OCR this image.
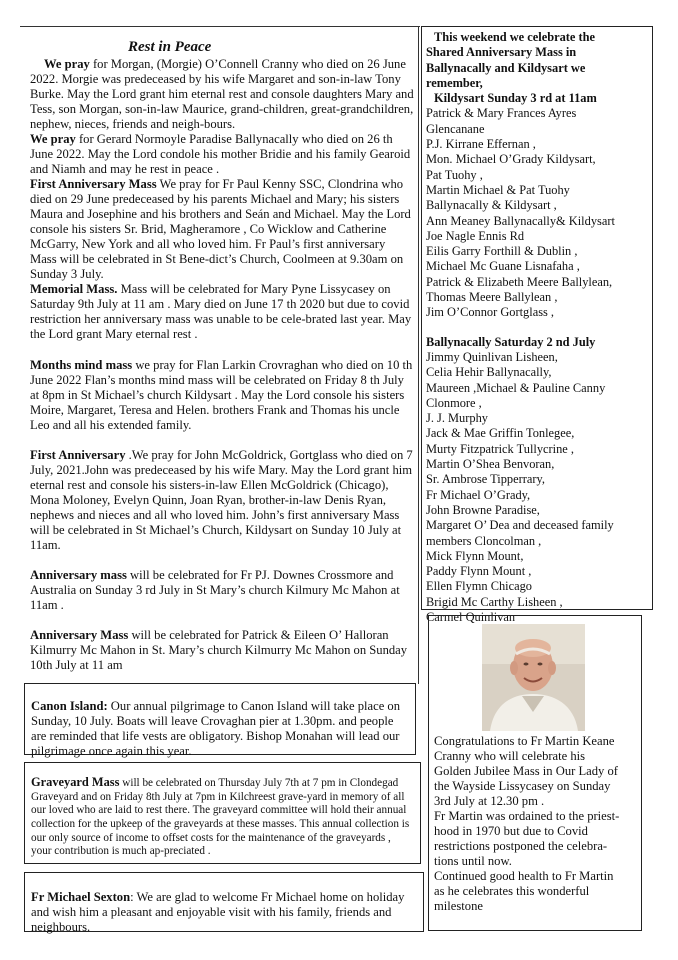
Rest in Peace

We pray for Morgan, (Morgie) O’Connell Cranny who died on 26 June 2022. Morgie was predeceased by his wife Margaret and son-in-law Tony Burke. May the Lord grant him eternal rest and console daughters Mary and Tess, son Morgan, son-in-law Maurice, grand-children, great-grandchildren, nephew, nieces, friends and neigh-bours.

We pray for Gerard Normoyle Paradise Ballynacally who died on 26 th June 2022. May the Lord condole his mother Bridie and his family Gearoid and Niamh and may he rest in peace .

First Anniversary Mass We pray for Fr Paul Kenny SSC, Clondrina who died on 29 June predeceased by his parents Michael and Mary; his sisters Maura and Josephine and his brothers and Seán and Michael. May the Lord console his sisters Sr. Brid, Magheramore , Co Wicklow and Catherine McGarry, New York and all who loved him. Fr Paul’s first anniversary Mass will be celebrated in St Bene-dict’s Church, Coolmeen at 9.30am on Sunday 3 July.

Memorial Mass. Mass will be celebrated for Mary Pyne Lissycasey on Saturday 9th July at 11 am . Mary died on June 17 th 2020 but due to covid restriction her anniversary mass was unable to be cele-brated last year. May the Lord grant Mary eternal rest .

Months mind mass we pray for Flan Larkin Crovraghan who died on 10 th June 2022 Flan’s months mind mass will be celebrated on Friday 8 th July at 8pm in St Michael’s church Kildysart . May the Lord console his sisters Moire, Margaret, Teresa and Helen. brothers Frank and Thomas his uncle Leo and all his extended family.

First Anniversary .We pray for John McGoldrick, Gortglass who died on 7 July, 2021.John was predeceased by his wife Mary. May the Lord grant him eternal rest and console his sisters-in-law Ellen McGoldrick (Chicago), Mona Moloney, Evelyn Quinn, Joan Ryan, brother-in-law Denis Ryan, nephews and nieces and all who loved him. John’s first anniversary Mass will be celebrated in St Michael’s Church, Kildysart on Sunday 10 July at 11am.

Anniversary mass will be celebrated for Fr PJ. Downes Crossmore and Australia on Sunday 3 rd July in St Mary’s church Kilmury Mc Mahon at 11am .

Anniversary Mass will be celebrated for Patrick & Eileen O’ Halloran Kilmurry Mc Mahon in St. Mary’s church Kilmurry Mc Mahon on Sunday 10th July at 11 am

Canon Island: Our annual pilgrimage to Canon Island will take place on Sunday, 10 July. Boats will leave Crovaghan pier at 1.30pm. and people are reminded that life vests are obligatory. Bishop Monahan will lead our pilgrimage once again this year.

Graveyard Mass will be celebrated on Thursday July 7th at 7 pm in Clondegad Graveyard and on Friday 8th July at 7pm in Kilchreest grave-yard in memory of all our loved who are laid to rest there. The graveyard committee will hold their annual collection for the upkeep of the graveyards at these masses. This annual collection is our only source of income to offset costs for the maintenance of the graveyards , your contribution is much ap-preciated .

Fr Michael Sexton: We are glad to welcome Fr Michael home on holiday and wish him a pleasant and enjoyable visit with his family, friends and neighbours.

This weekend we celebrate the
Shared Anniversary Mass in
Ballynacally and Kildysart we
remember,
Kildysart Sunday 3 rd at 11am
Patrick & Mary Frances Ayres
Glencanane
P.J. Kirrane Effernan ,
Mon. Michael O’Grady Kildysart,
Pat Tuohy ,
Martin Michael & Pat Tuohy
Ballynacally & Kildysart ,
Ann Meaney Ballynacally& Kildysart
Joe Nagle Ennis Rd
Eilis Garry Forthill & Dublin ,
Michael Mc Guane Lisnafaha ,
Patrick & Elizabeth Meere Ballylean,
Thomas Meere Ballylean ,
Jim O’Connor Gortglass ,
Ballynacally Saturday 2 nd July
Jimmy Quinlivan Lisheen,
Celia Hehir Ballynacally,
Maureen ,Michael & Pauline Canny
Clonmore ,
J. J. Murphy
Jack & Mae Griffin Tonlegee,
Murty Fitzpatrick Tullycrine ,
Martin O’Shea Benvoran,
Sr. Ambrose Tipperrary,
Fr Michael O’Grady,
John Browne Paradise,
Margaret O’ Dea and deceased family
members Cloncolman ,
Mick Flynn Mount,
Paddy Flynn Mount ,
Ellen Flymn Chicago
Brigid Mc Carthy Lisheen ,
Carmel Quinlivan
Congratulations to Fr Martin Keane
Cranny who will celebrate his
Golden Jubilee Mass in Our Lady of
the Wayside Lissycasey on Sunday
3rd July at 12.30 pm .
Fr Martin was ordained to the priest-
hood in 1970 but due to Covid
restrictions postponed the celebra-
tions until now.
Continued good health to Fr Martin
as he celebrates this wonderful
milestone
